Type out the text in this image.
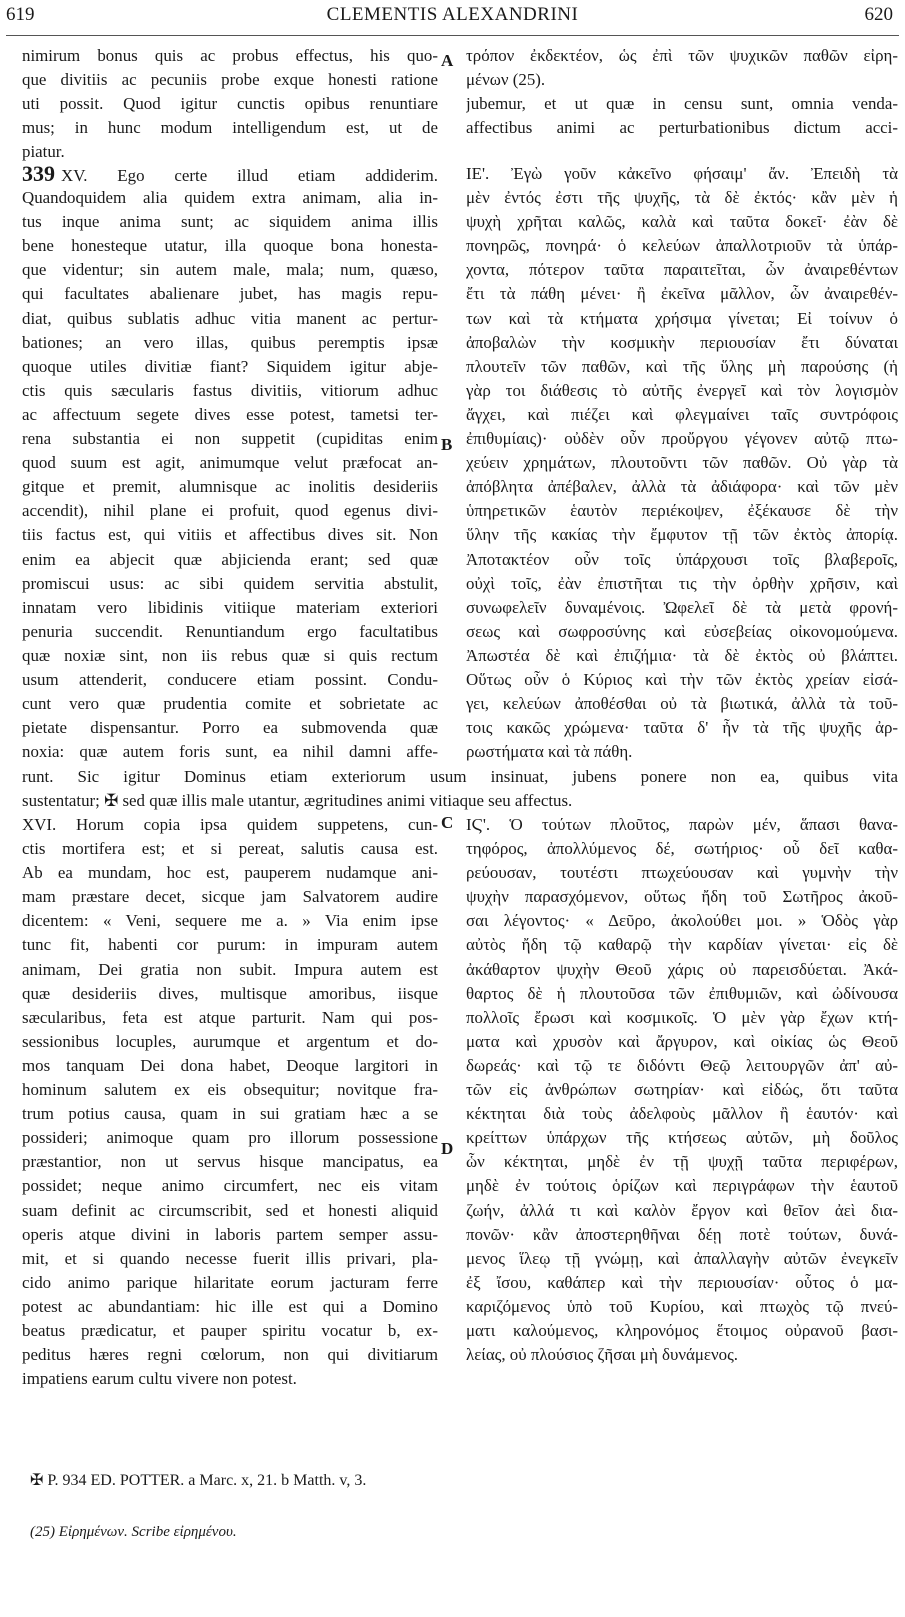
619	CLEMENTIS ALEXANDRINI	620
A
B
C
D
nimirum bonus quis ac probus effectus, his quo-
que divitiis ac pecuniis probe exque honesti ratione
uti possit. Quod igitur cunctis opibus renuntiare
mus; in hunc modum intelligendum est, ut de
piatur.
τρόπον ἐκδεκτέον, ὡς ἐπὶ τῶν ψυχικῶν παθῶν εἰρη-
μένων (25).
jubemur, et ut quæ in censu sunt, omnia venda-
affectibus animi ac perturbationibus dictum acci-
339 XV. Ego certe illud etiam addiderim.
Quandoquidem alia quidem extra animam, alia in-
tus inque anima sunt; ac siquidem anima illis
bene honesteque utatur, illa quoque bona honesta-
que videntur; sin autem male, mala; num, quæso,
qui facultates abalienare jubet, has magis repu-
diat, quibus sublatis adhuc vitia manent ac pertur-
bationes; an vero illas, quibus peremptis ipsæ
quoque utiles divitiæ fiant? Siquidem igitur abje-
ctis quis sæcularis fastus divitiis, vitiorum adhuc
ac affectuum segete dives esse potest, tametsi ter-
rena substantia ei non suppetit (cupiditas enim
quod suum est agit, animumque velut præfocat an-
gitque et premit, alumnisque ac inolitis desideriis
accendit), nihil plane ei profuit, quod egenus divi-
tiis factus est, qui vitiis et affectibus dives sit. Non
enim ea abjecit quæ abjicienda erant; sed quæ
promiscui usus: ac sibi quidem servitia abstulit,
innatam vero libidinis vitiique materiam exteriori
penuria succendit. Renuntiandum ergo facultatibus
quæ noxiæ sint, non iis rebus quæ si quis rectum
usum attenderit, conducere etiam possint. Condu-
cunt vero quæ prudentia comite et sobrietate ac
pietate dispensantur. Porro ea submovenda quæ
noxia: quæ autem foris sunt, ea nihil damni affe-
ΙΕ'. Ἐγὼ γοῦν κἀκεῖνο φήσαιμ' ἄν. Ἐπειδὴ τὰ
μὲν ἐντός ἐστι τῆς ψυχῆς, τὰ δὲ ἐκτός· κἂν μὲν ἡ
ψυχὴ χρῆται καλῶς, καλὰ καὶ ταῦτα δοκεῖ· ἐὰν δὲ
πονηρῶς, πονηρά· ὁ κελεύων ἀπαλλοτριοῦν τὰ ὑπάρ-
χοντα, πότερον ταῦτα παραιτεῖται, ὧν ἀναιρεθέντων
ἔτι τὰ πάθη μένει· ἢ ἐκεῖνα μᾶλλον, ὧν ἀναιρεθέν-
των καὶ τὰ κτήματα χρήσιμα γίνεται; Εἰ τοίνυν ὁ
ἀποβαλὼν τὴν κοσμικὴν περιουσίαν ἔτι δύναται
πλουτεῖν τῶν παθῶν, καὶ τῆς ὕλης μὴ παρούσης (ἡ
γὰρ τοι διάθεσις τὸ αὐτῆς ἐνεργεῖ καὶ τὸν λογισμὸν
ἄγχει, καὶ πιέζει καὶ φλεγμαίνει ταῖς συντρόφοις
ἐπιθυμίαις)· οὐδὲν οὖν προὔργου γέγονεν αὐτῷ πτω-
χεύειν χρημάτων, πλουτοῦντι τῶν παθῶν. Οὐ γὰρ τὰ
ἀπόβλητα ἀπέβαλεν, ἀλλὰ τὰ ἀδιάφορα· καὶ τῶν μὲν
ὑπηρετικῶν ἑαυτὸν περιέκοψεν, ἐξέκαυσε δὲ τὴν
ὕλην τῆς κακίας τὴν ἔμφυτον τῇ τῶν ἐκτὸς ἀπορίᾳ.
Ἀποτακτέον οὖν τοῖς ὑπάρχουσι τοῖς βλαβεροῖς,
οὐχὶ τοῖς, ἐὰν ἐπιστῆται τις τὴν ὀρθὴν χρῆσιν, καὶ
συνωφελεῖν δυναμένοις. Ὠφελεῖ δὲ τὰ μετὰ φρονή-
σεως καὶ σωφροσύνης καὶ εὐσεβείας οἰκονομούμενα.
Ἀπωστέα δὲ καὶ ἐπιζήμια· τὰ δὲ ἐκτὸς οὐ βλάπτει.
Οὕτως οὖν ὁ Κύριος καὶ τὴν τῶν ἐκτὸς χρείαν εἰσά-
γει, κελεύων ἀποθέσθαι οὐ τὰ βιωτικά, ἀλλὰ τὰ τοῦ-
τοις κακῶς χρώμενα· ταῦτα δ' ἦν τὰ τῆς ψυχῆς ἀρ-
ρωστήματα καὶ τὰ πάθη.
runt. Sic igitur Dominus etiam exteriorum usum insinuat, jubens ponere non ea, quibus vita
sustentatur; ✠ sed quæ illis male utantur, ægritudines animi vitiaque seu affectus.
XVI. Horum copia ipsa quidem suppetens, cun-
ctis mortifera est; et si pereat, salutis causa est.
Ab ea mundam, hoc est, pauperem nudamque ani-
mam præstare decet, sicque jam Salvatorem audire
dicentem: « Veni, sequere me a. » Via enim ipse
tunc fit, habenti cor purum: in impuram autem
animam, Dei gratia non subit. Impura autem est
quæ desideriis dives, multisque amoribus, iisque
sæcularibus, feta est atque parturit. Nam qui pos-
sessionibus locuples, aurumque et argentum et do-
mos tanquam Dei dona habet, Deoque largitori in
hominum salutem ex eis obsequitur; novitque fra-
trum potius causa, quam in sui gratiam hæc a se
possideri; animoque quam pro illorum possessione
præstantior, non ut servus hisque mancipatus, ea
possidet; neque animo circumfert, nec eis vitam
suam definit ac circumscribit, sed et honesti aliquid
operis atque divini in laboris partem semper assu-
mit, et si quando necesse fuerit illis privari, pla-
cido animo parique hilaritate eorum jacturam ferre
potest ac abundantiam: hic ille est qui a Domino
beatus prædicatur, et pauper spiritu vocatur b, ex-
peditus hæres regni cœlorum, non qui divitiarum
impatiens earum cultu vivere non potest.
ΙϚ'. Ὁ τούτων πλοῦτος, παρὼν μέν, ἅπασι θανα-
τηφόρος, ἀπολλύμενος δέ, σωτήριος· οὗ δεῖ καθα-
ρεύουσαν, τουτέστι πτωχεύουσαν καὶ γυμνὴν τὴν
ψυχὴν παρασχόμενον, οὕτως ἤδη τοῦ Σωτῆρος ἀκοῦ-
σαι λέγοντος· « Δεῦρο, ἀκολούθει μοι. » Ὁδὸς γὰρ
αὐτὸς ἤδη τῷ καθαρῷ τὴν καρδίαν γίνεται· εἰς δὲ
ἀκάθαρτον ψυχὴν Θεοῦ χάρις οὐ παρεισδύεται. Ἀκά-
θαρτος δὲ ἡ πλουτοῦσα τῶν ἐπιθυμιῶν, καὶ ὠδίνουσα
πολλοῖς ἔρωσι καὶ κοσμικοῖς. Ὁ μὲν γὰρ ἔχων κτή-
ματα καὶ χρυσὸν καὶ ἄργυρον, καὶ οἰκίας ὡς Θεοῦ
δωρεάς· καὶ τῷ τε διδόντι Θεῷ λειτουργῶν ἀπ' αὐ-
τῶν εἰς ἀνθρώπων σωτηρίαν· καὶ εἰδώς, ὅτι ταῦτα
κέκτηται διὰ τοὺς ἀδελφοὺς μᾶλλον ἢ ἑαυτόν· καὶ
κρείττων ὑπάρχων τῆς κτήσεως αὐτῶν, μὴ δοῦλος
ὧν κέκτηται, μηδὲ ἐν τῇ ψυχῇ ταῦτα περιφέρων,
μηδὲ ἐν τούτοις ὁρίζων καὶ περιγράφων τὴν ἑαυτοῦ
ζωήν, ἀλλά τι καὶ καλὸν ἔργον καὶ θεῖον ἀεὶ δια-
πονῶν· κἂν ἀποστερηθῆναι δέῃ ποτὲ τούτων, δυνά-
μενος ἵλεῳ τῇ γνώμῃ, καὶ ἀπαλλαγὴν αὐτῶν ἐνεγκεῖν
ἐξ ἴσου, καθάπερ καὶ τὴν περιουσίαν· οὗτος ὁ μα-
καριζόμενος ὑπὸ τοῦ Κυρίου, καὶ πτωχὸς τῷ πνεύ-
ματι καλούμενος, κληρονόμος ἕτοιμος οὐρανοῦ βασι-
λείας, οὐ πλούσιος ζῆσαι μὴ δυνάμενος.
✠ P. 934 ED. POTTER. a Marc. x, 21. b Matth. v, 3.
(25) Εἰρημένων. Scribe εἰρημένου.
